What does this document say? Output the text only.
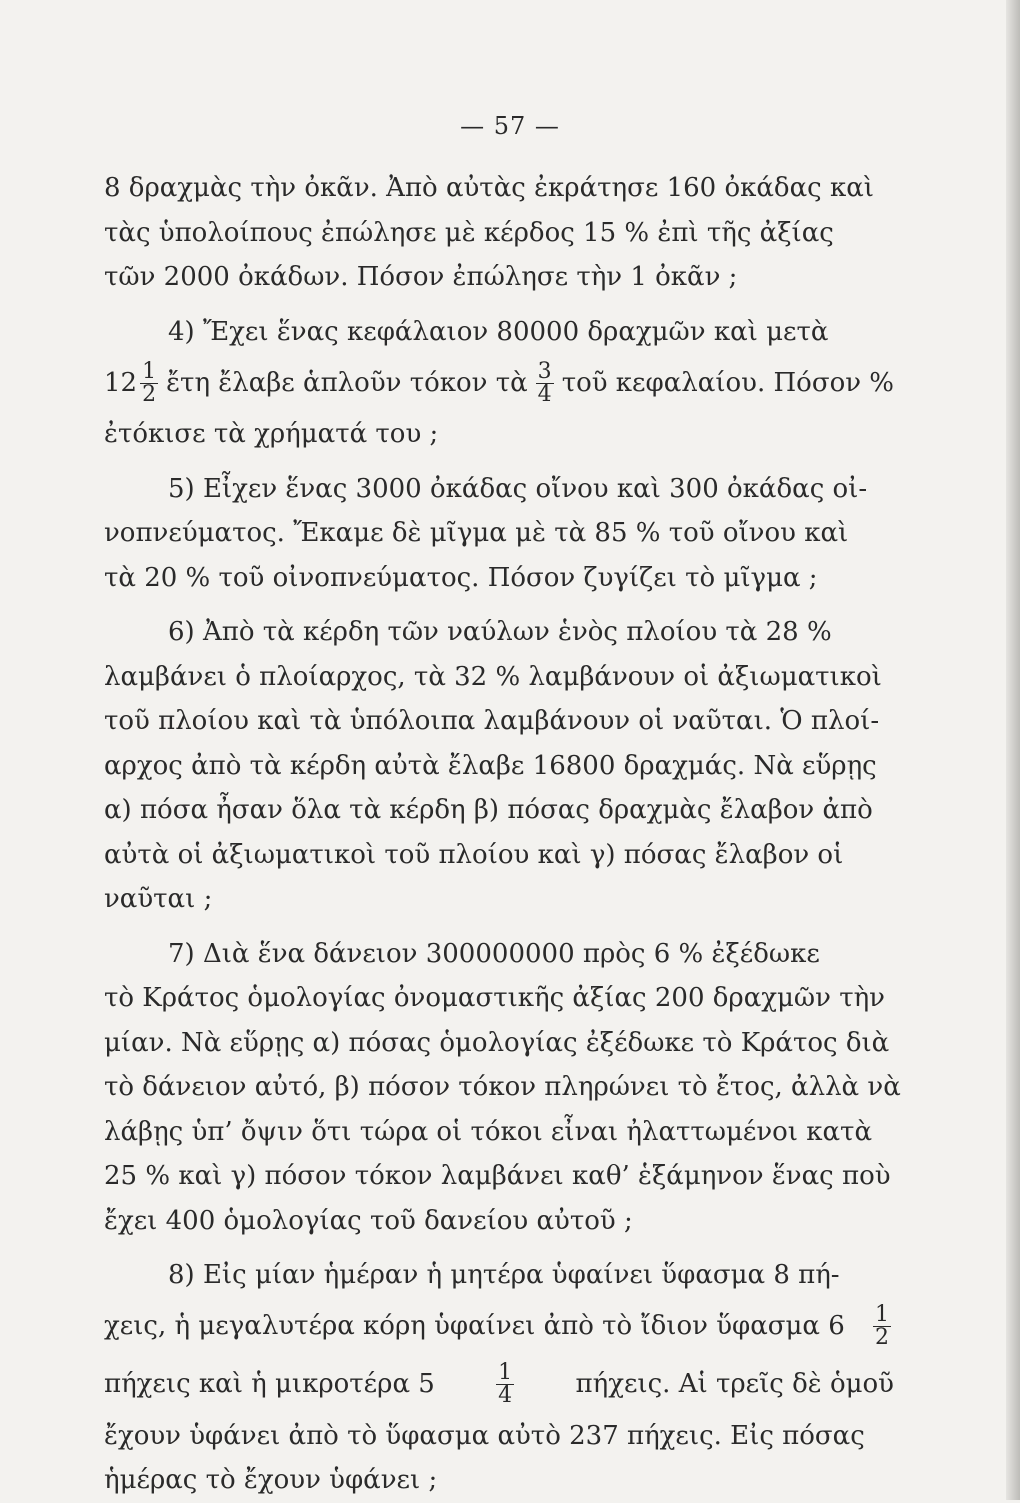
— 57 —
8 δραχμὰς τὴν ὀκᾶν. Ἀπὸ αὐτὰς ἐκράτησε 160 ὀκάδας καὶ
τὰς ὑπολοίπους ἐπώλησε μὲ κέρδος 15 % ἐπὶ τῆς ἀξίας
τῶν 2000 ὀκάδων. Πόσον ἐπώλησε τὴν 1 ὀκᾶν ;
4) Ἔχει ἕνας κεφάλαιον 80000 δραχμῶν καὶ μετὰ
$12 \frac{1}{2}$ ἔτη ἔλαβε ἁπλοῦν τόκον τὰ $\frac{3}{4}$ τοῦ κεφαλαίου. Πόσον %
ἐτόκισε τὰ χρήματά του ;
5) Εἶχεν ἕνας 3000 ὀκάδας οἴνου καὶ 300 ὀκάδας οἰ-
νοπνεύματος. Ἔκαμε δὲ μῖγμα μὲ τὰ 85 % τοῦ οἴνου καὶ
τὰ 20 % τοῦ οἰνοπνεύματος. Πόσον ζυγίζει τὸ μῖγμα ;
6) Ἀπὸ τὰ κέρδη τῶν ναύλων ἑνὸς πλοίου τὰ 28 %
λαμβάνει ὁ πλοίαρχος, τὰ 32 % λαμβάνουν οἱ ἀξιωματικοὶ
τοῦ πλοίου καὶ τὰ ὑπόλοιπα λαμβάνουν οἱ ναῦται. Ὁ πλοί-
αρχος ἀπὸ τὰ κέρδη αὐτὰ ἔλαβε 16800 δραχμάς. Νὰ εὕρῃς
α) πόσα ἦσαν ὅλα τὰ κέρδη β) πόσας δραχμὰς ἔλαβον ἀπὸ
αὐτὰ οἱ ἀξιωματικοὶ τοῦ πλοίου καὶ γ) πόσας ἔλαβον οἱ
ναῦται ;
7) Διὰ ἕνα δάνειον 300000000 πρὸς 6 % ἐξέδωκε
τὸ Κράτος ὁμολογίας ὀνομαστικῆς ἀξίας 200 δραχμῶν τὴν
μίαν. Νὰ εὕρῃς α) πόσας ὁμολογίας ἐξέδωκε τὸ Κράτος διὰ
τὸ δάνειον αὐτό, β) πόσον τόκον πληρώνει τὸ ἔτος, ἀλλὰ νὰ
λάβῃς ὑπ’ ὄψιν ὅτι τώρα οἱ τόκοι εἶναι ἠλαττωμένοι κατὰ
25 % καὶ γ) πόσον τόκον λαμβάνει καθ’ ἑξάμηνον ἕνας ποὺ
ἔχει 400 ὁμολογίας τοῦ δανείου αὐτοῦ ;
8) Εἰς μίαν ἡμέραν ἡ μητέρα ὑφαίνει ὕφασμα 8 πή-
χεις, ἡ μεγαλυτέρα κόρη ὑφαίνει ἀπὸ τὸ ἴδιον ὕφασμα $6 \frac{1}{2}$
πήχεις καὶ ἡ μικροτέρα 5	$\frac{1}{4} \pi ή\chi\varepsilon\iota\varsigma$. Αἱ τρεῖς δὲ ὁμοῦ
ἔχουν ὑφάνει ἀπὸ τὸ ὕφασμα αὐτὸ 237 πήχεις. Εἰς πόσας
ἡμέρας τὸ ἔχουν ὑφάνει ;
